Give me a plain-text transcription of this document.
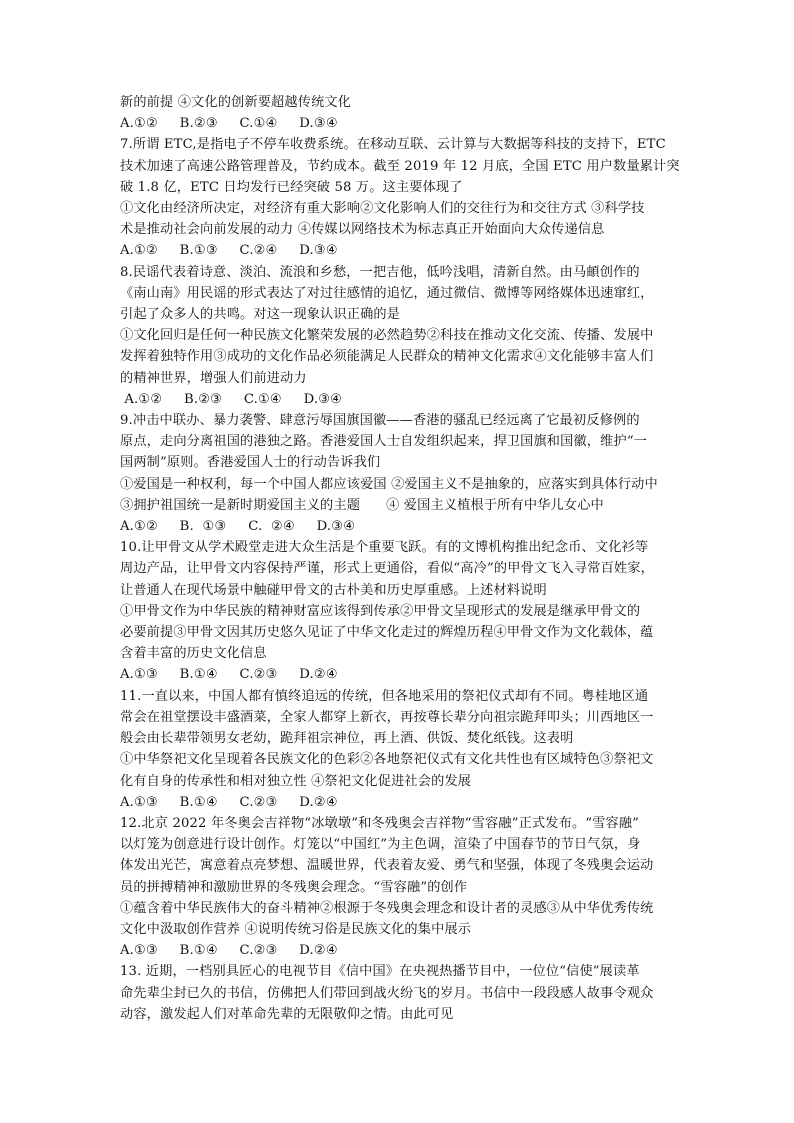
新的前提 ④文化的创新要超越传统文化
A.①②     B.②③     C.①④     D.③④
7.所谓 ETC,是指电子不停车收费系统。在移动互联、云计算与大数据等科技的支持下，ETC
技术加速了高速公路管理普及，节约成本。截至 2019 年 12 月底，全国 ETC 用户数量累计突
破 1.8 亿，ETC 日均发行已经突破 58 万。这主要体现了
①文化由经济所决定，对经济有重大影响②文化影响人们的交往行为和交往方式 ③科学技
术是推动社会向前发展的动力 ④传媒以网络技术为标志真正开始面向大众传递信息
A.①②     B.①③     C.②④     D.③④
8.民谣代表着诗意、淡泊、流浪和乡愁，一把吉他，低吟浅唱，清新自然。由马頔创作的
《南山南》用民谣的形式表达了对过往感情的追忆，通过微信、微博等网络媒体迅速窜红，
引起了众多人的共鸣。对这一现象认识正确的是
①文化回归是任何一种民族文化繁荣发展的必然趋势②科技在推动文化交流、传播、发展中
发挥着独特作用③成功的文化作品必须能满足人民群众的精神文化需求④文化能够丰富人们
的精神世界，增强人们前进动力
A.①②     B.②③     C.①④     D.③④
9.冲击中联办、暴力袭警、肆意污辱国旗国徽——香港的骚乱已经远离了它最初反修例的
原点，走向分离祖国的港独之路。香港爱国人士自发组织起来，捍卫国旗和国徽，维护“一
国两制”原则。香港爱国人士的行动告诉我们
①爱国是一种权利，每一个中国人都应该爱国 ②爱国主义不是抽象的，应落实到具体行动中
③拥护祖国统一是新时期爱国主义的主题      ④ 爱国主义植根于所有中华儿女心中
A.①②     B.  ①③     C.  ②④     D.③④
10.让甲骨文从学术殿堂走进大众生活是个重要飞跃。有的文博机构推出纪念币、文化衫等
周边产品，让甲骨文内容保持严谨，形式上更通俗，看似“高冷”的甲骨文飞入寻常百姓家，
让普通人在现代场景中触碰甲骨文的古朴美和历史厚重感。上述材料说明
①甲骨文作为中华民族的精神财富应该得到传承②甲骨文呈现形式的发展是继承甲骨文的
必要前提③甲骨文因其历史悠久见证了中华文化走过的辉煌历程④甲骨文作为文化载体，蕴
含着丰富的历史文化信息
A.①③     B.①④     C.②③     D.②④
11.一直以来，中国人都有慎终追远的传统，但各地采用的祭祀仪式却有不同。粤桂地区通
常会在祖堂摆设丰盛酒菜，全家人都穿上新衣，再按尊长辈分向祖宗跪拜叩头；川西地区一
般会由长辈带领男女老幼，跪拜祖宗神位，再上酒、供饭、焚化纸钱。这表明
①中华祭祀文化呈现着各民族文化的色彩②各地祭祀仪式有文化共性也有区域特色③祭祀文
化有自身的传承性和相对独立性 ④祭祀文化促进社会的发展
A.①③     B.①④     C.②③     D.②④
12.北京 2022 年冬奥会吉祥物“冰墩墩”和冬残奥会吉祥物“雪容融”正式发布。“雪容融”
以灯笼为创意进行设计创作。灯笼以“中国红”为主色调，渲染了中国春节的节日气氛，身
体发出光芒，寓意着点亮梦想、温暖世界，代表着友爱、勇气和坚强，体现了冬残奥会运动
员的拼搏精神和激励世界的冬残奥会理念。“雪容融”的创作
①蕴含着中华民族伟大的奋斗精神②根源于冬残奥会理念和设计者的灵感③从中华优秀传统
文化中汲取创作营养 ④说明传统习俗是民族文化的集中展示
A.①③     B.①④     C.②③     D.②④
13. 近期，一档别具匠心的电视节目《信中国》在央视热播节目中，一位位“信使”展读革
命先辈尘封已久的书信，仿佛把人们带回到战火纷飞的岁月。书信中一段段感人故事令观众
动容，激发起人们对革命先辈的无限敬仰之情。由此可见
